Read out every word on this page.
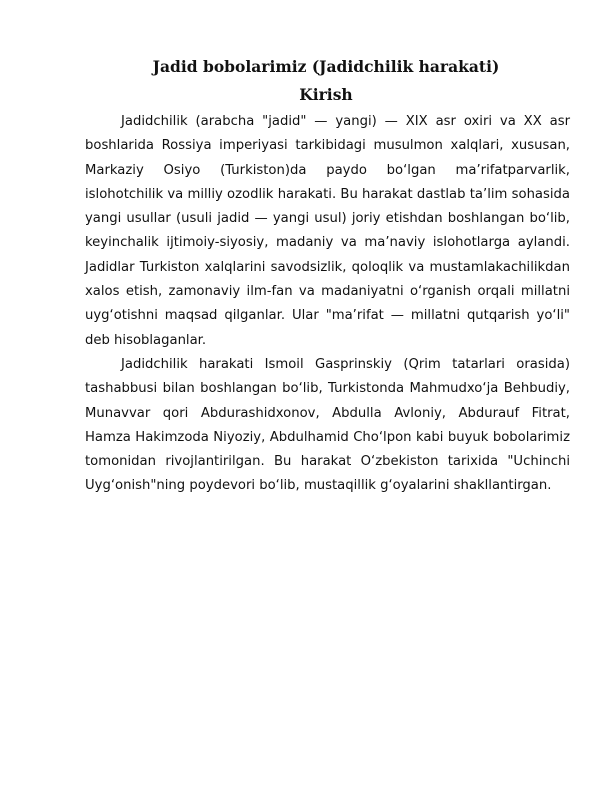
Jadid bobolarimiz (Jadidchilik harakati)
Kirish

Jadidchilik (arabcha "jadid" — yangi) — XIX asr oxiri va XX asr boshlarida Rossiya imperiyasi tarkibidagi musulmon xalqlari, xususan, Markaziy Osiyo (Turkiston)da paydo bo‘lgan ma’rifatparvarlik, islohotchilik va milliy ozodlik harakati. Bu harakat dastlab ta’lim sohasida yangi usullar (usuli jadid — yangi usul) joriy etishdan boshlangan bo‘lib, keyinchalik ijtimoiy-siyosiy, madaniy va ma’naviy islohotlarga aylandi. Jadidlar Turkiston xalqlarini savodsizlik, qoloqlik va mustamlakachilikdan xalos etish, zamonaviy ilm-fan va madaniyatni o‘rganish orqali millatni uyg‘otishni maqsad qilganlar. Ular "ma’rifat — millatni qutqarish yo‘li" deb hisoblaganlar.

Jadidchilik harakati Ismoil Gasprinskiy (Qrim tatarlari orasida) tashabbusi bilan boshlangan bo‘lib, Turkistonda Mahmudxo‘ja Behbudiy, Munavvar qori Abdurashidxonov, Abdulla Avloniy, Abdurauf Fitrat, Hamza Hakimzoda Niyoziy, Abdulhamid Cho‘lpon kabi buyuk bobolarimiz tomonidan rivojlantirilgan. Bu harakat O‘zbekiston tarixida "Uchinchi Uyg‘onish"ning poydevori bo‘lib, mustaqillik g‘oyalarini shakllantirgan.
